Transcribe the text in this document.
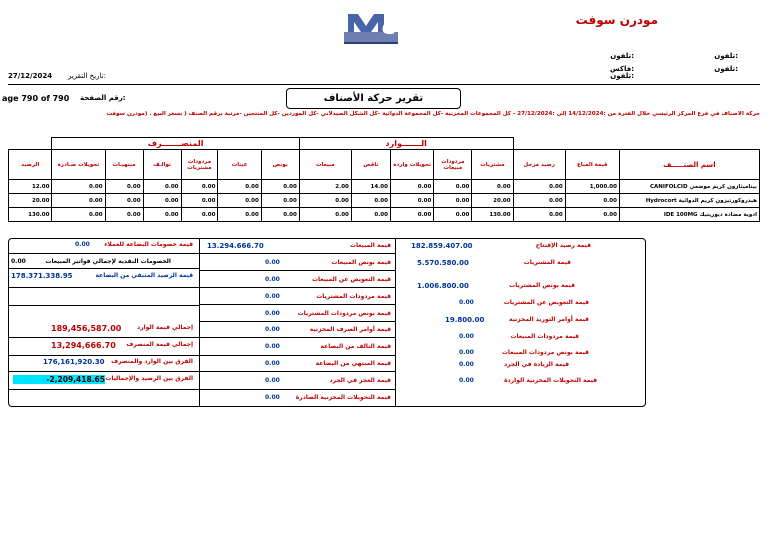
مودرن سوفت
تلفون:
تلفون:
فاكس:	تلفون:
تلفون:
27/12/2024 تاريخ التقرير:
age 790 of 790 رقم الصفحة:	تقرير حركة الأصناف
حركة الأصناف في فرع المركز الرئيسي خلال الفترة من :14/12/2024 إلى :27/12/2024 - كل المجموعات المخزنية -كل المجموعة الدوائية -كل الشكل الصيدلاني -كل الموردين -كل المنتجين -مرتبة برقم الصنف ( بسعر البيع . (مودرن سوفت
	المنصـــــــرف						الـــــــوارد							
الرصيد	تحويلات صـادرة	منتهيـات	توالـف	مردودات مشتريات	عينات	بونص	مبيعات	ناقص	تحويلات واردة	مردودات مبيعات	مشتريات	رصيد مرحل	قيمة المباع	اسم الصنـــــف
12.00	0.00	0.00	0.00	0.00	0.00	0.00	2.00	14.00	0.00	0.00	0.00	0.00	1,000.00	بيتاميثازون كريم موضعي CANIFOLCID
20.00	0.00	0.00	0.00	0.00	0.00	0.00	0.00	0.00	0.00	0.00	20.00	0.00	0.00	هيدروكورتيزون كريم الدوائية Hydrocort
130.00	0.00	0.00	0.00	0.00	0.00	0.00	0.00	0.00	0.00	0.00	130.00	0.00	0.00	ادوية مضادة ديوريتيك IDE 100MG
قيمة خصومات البضاعة للعملاء
0.00
الخصومات النقدية لإجمالي فواتير المبيعات
0.00
قيمة الرصيد المتبقي من البضاعة
178.371.338.95
إجمالي قيمة الوارد
189,456,587.00
إجمالي قيمة المنصرف
13,294,666.70
الفرق بين الوارد والمنصرف
176,161,920.30
الفرق بين الرصيد والإجماليات
-2,209,418.65
13.294.666.70	قيمة المبيعات
0.00	قيمة بونص المبيعات
0.00	قيمة التعويض عن المبيعات
0.00	قيمة مردودات المشتريات
0.00	قيمة بونص مردودات المشتريات
0.00	قيمة أوامر الصرف المخزنية
0.00	قيمة التالف من البضاعة
0.00	قيمة المنتهي من البضاعة
0.00	قيمة العجز في الجرد
0.00	قيمة التحويلات المخزنية الصادرة
182.859.407.00	قيمة رصيد الإفتتاح
5.570.580.00	قيمة المشتريات
1.006.800.00	قيمة بونص المشتريات
0.00	قيمة التعويض عن المشتريات
19.800.00	قيمة أوامر التوريد المخزنية
0.00	قيمة مردودات المبيعات
0.00	قيمة بونص مردودات المبيعات
0.00	قيمة الزيادة في الجرد
0.00	قيمة التحويلات المخزنية الواردة
